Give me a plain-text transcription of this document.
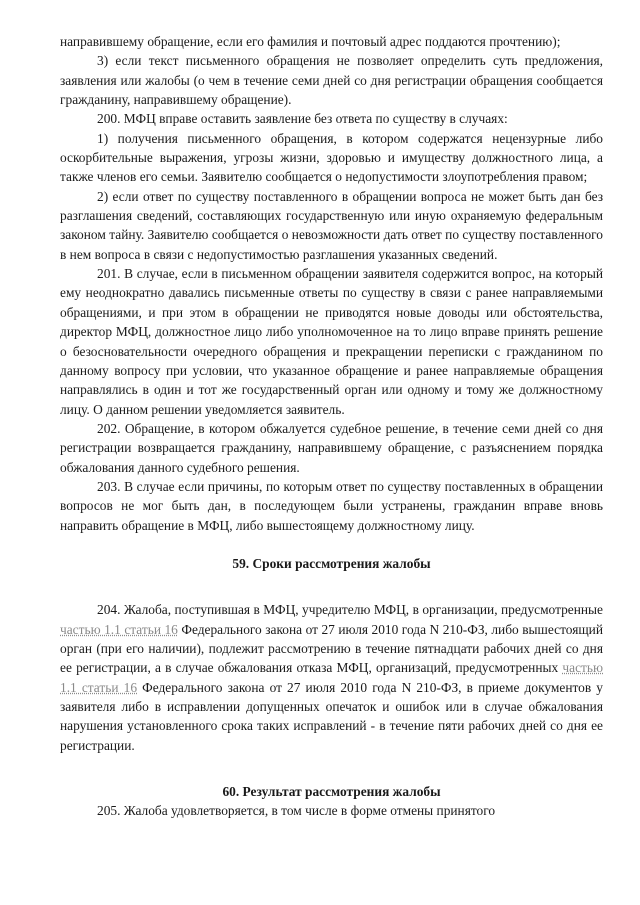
направившему обращение, если его фамилия и почтовый адрес поддаются прочтению);

3) если текст письменного обращения не позволяет определить суть предложения, заявления или жалобы (о чем в течение семи дней со дня регистрации обращения сообщается гражданину, направившему обращение).

200. МФЦ вправе оставить заявление без ответа по существу в случаях:

1) получения письменного обращения, в котором содержатся нецензурные либо оскорбительные выражения, угрозы жизни, здоровью и имуществу должностного лица, а также членов его семьи. Заявителю сообщается о недопустимости злоупотребления правом;

2) если ответ по существу поставленного в обращении вопроса не может быть дан без разглашения сведений, составляющих государственную или иную охраняемую федеральным законом тайну. Заявителю сообщается о невозможности дать ответ по существу поставленного в нем вопроса в связи с недопустимостью разглашения указанных сведений.

201. В случае, если в письменном обращении заявителя содержится вопрос, на который ему неоднократно давались письменные ответы по существу в связи с ранее направляемыми обращениями, и при этом в обращении не приводятся новые доводы или обстоятельства, директор МФЦ, должностное лицо либо уполномоченное на то лицо вправе принять решение о безосновательности очередного обращения и прекращении переписки с гражданином по данному вопросу при условии, что указанное обращение и ранее направляемые обращения направлялись в один и тот же государственный орган или одному и тому же должностному лицу. О данном решении уведомляется заявитель.

202. Обращение, в котором обжалуется судебное решение, в течение семи дней со дня регистрации возвращается гражданину, направившему обращение, с разъяснением порядка обжалования данного судебного решения.

203. В случае если причины, по которым ответ по существу поставленных в обращении вопросов не мог быть дан, в последующем были устранены, гражданин вправе вновь направить обращение в МФЦ, либо вышестоящему должностному лицу.

59. Сроки рассмотрения жалобы

204. Жалоба, поступившая в МФЦ, учредителю МФЦ, в организации, предусмотренные частью 1.1 статьи 16 Федерального закона от 27 июля 2010 года N 210-ФЗ, либо вышестоящий орган (при его наличии), подлежит рассмотрению в течение пятнадцати рабочих дней со дня ее регистрации, а в случае обжалования отказа МФЦ, организаций, предусмотренных частью 1.1 статьи 16 Федерального закона от 27 июля 2010 года N 210-ФЗ, в приеме документов у заявителя либо в исправлении допущенных опечаток и ошибок или в случае обжалования нарушения установленного срока таких исправлений - в течение пяти рабочих дней со дня ее регистрации.

60. Результат рассмотрения жалобы

205. Жалоба удовлетворяется, в том числе в форме отмены принятого
